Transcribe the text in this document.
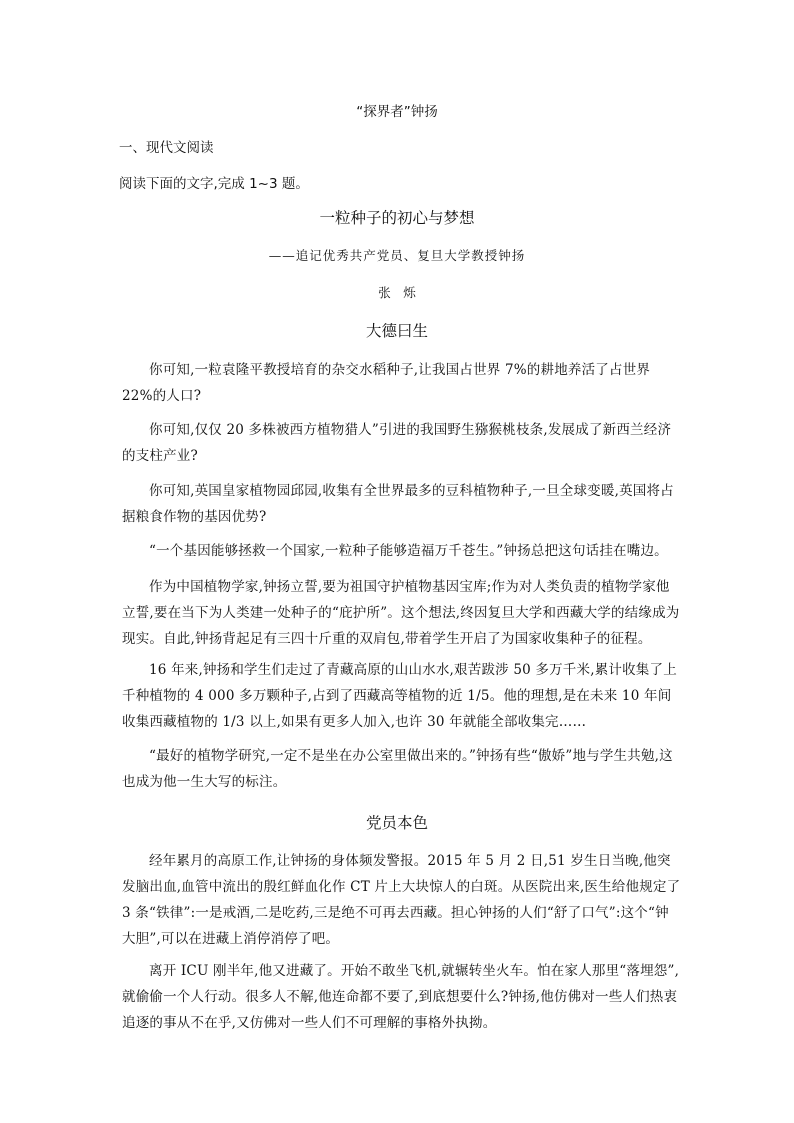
“探界者”钟扬
一、现代文阅读
阅读下面的文字,完成 1~3 题。
一粒种子的初心与梦想
——追记优秀共产党员、复旦大学教授钟扬
张　烁
大德曰生
你可知,一粒袁隆平教授培育的杂交水稻种子,让我国占世界 7%的耕地养活了占世界 22%的人口?
你可知,仅仅 20 多株被西方植物猎人”引进的我国野生猕猴桃枝条,发展成了新西兰经济的支柱产业?
你可知,英国皇家植物园邱园,收集有全世界最多的豆科植物种子,一旦全球变暖,英国将占据粮食作物的基因优势?
“一个基因能够拯救一个国家,一粒种子能够造福万千苍生。”钟扬总把这句话挂在嘴边。
作为中国植物学家,钟扬立誓,要为祖国守护植物基因宝库;作为对人类负责的植物学家他立誓,要在当下为人类建一处种子的“庇护所”。这个想法,终因复旦大学和西藏大学的结缘成为现实。自此,钟扬背起足有三四十斤重的双肩包,带着学生开启了为国家收集种子的征程。
16 年来,钟扬和学生们走过了青藏高原的山山水水,艰苦跋涉 50 多万千米,累计收集了上千种植物的 4 000 多万颗种子,占到了西藏高等植物的近 1/5。他的理想,是在未来 10 年间收集西藏植物的 1/3 以上,如果有更多人加入,也许 30 年就能全部收集完……
“最好的植物学研究,一定不是坐在办公室里做出来的。”钟扬有些“傲娇”地与学生共勉,这也成为他一生大写的标注。
党员本色
经年累月的高原工作,让钟扬的身体频发警报。2015 年 5 月 2 日,51 岁生日当晚,他突发脑出血,血管中流出的殷红鲜血化作 CT 片上大块惊人的白斑。从医院出来,医生给他规定了 3 条“铁律”:一是戒酒,二是吃药,三是绝不可再去西藏。担心钟扬的人们“舒了口气”:这个“钟大胆”,可以在进藏上消停消停了吧。
离开 ICU 刚半年,他又进藏了。开始不敢坐飞机,就辗转坐火车。怕在家人那里“落埋怨”,就偷偷一个人行动。很多人不解,他连命都不要了,到底想要什么?钟扬,他仿佛对一些人们热衷追逐的事从不在乎,又仿佛对一些人们不可理解的事格外执拗。
